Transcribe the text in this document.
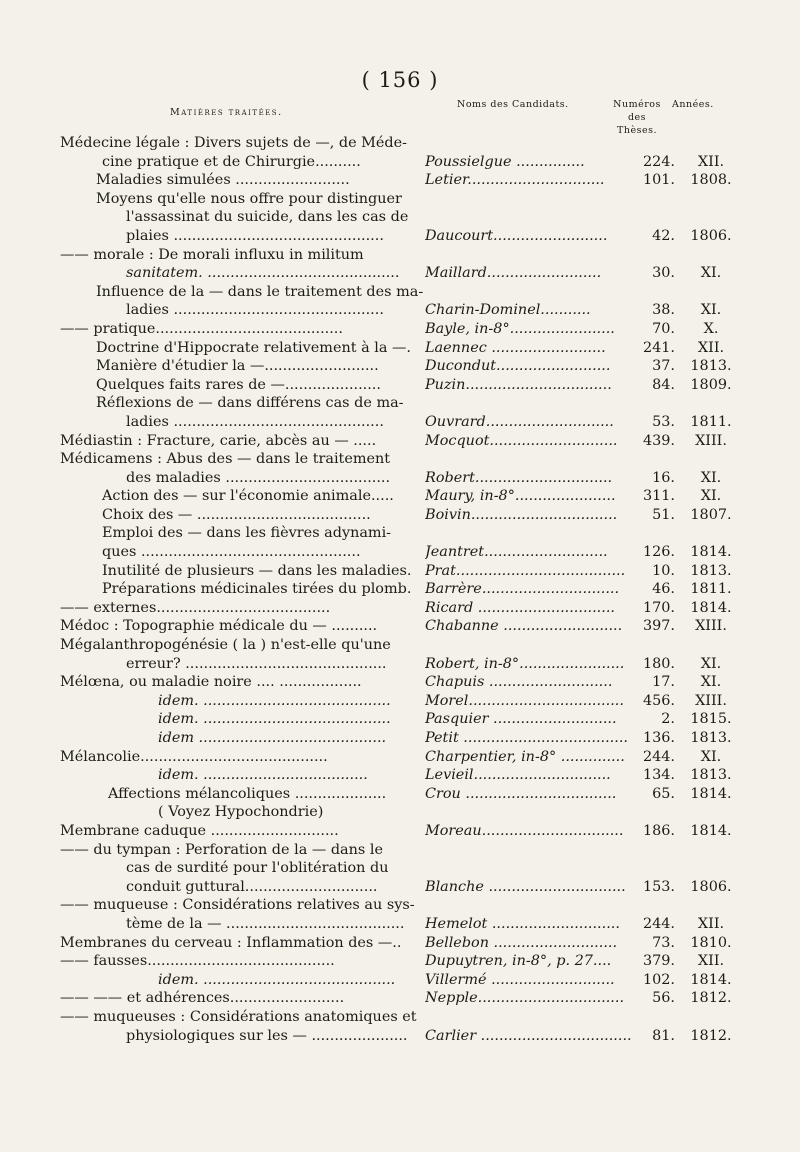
( 156 )
Matières traitées.
Noms des Candidats.	Numéros
des Thèses.
Années.
Médecine légale : Divers sujets de —, de Méde-
cine pratique et de Chirurgie..........
Maladies simulées .........................
Moyens qu'elle nous offre pour distinguer
l'assassinat du suicide, dans les cas de
plaies ..............................................
—— morale : De morali influxu in militum
sanitatem. ..........................................
Influence de la — dans le traitement des ma-
ladies ..............................................
—— pratique.........................................
Doctrine d'Hippocrate relativement à la —.
Manière d'étudier la —.........................
Quelques faits rares de —.....................
Réflexions de — dans différens cas de ma-
ladies ..............................................
Médiastin : Fracture, carie, abcès au — .....
Médicamens : Abus des — dans le traitement
des maladies ....................................
Action des — sur l'économie animale.....
Choix des — ......................................
Emploi des — dans les fièvres adynami-
ques ................................................
Inutilité de plusieurs — dans les maladies.
Préparations médicinales tirées du plomb.
—— externes......................................
Médoc : Topographie médicale du — ..........
Mégalanthropogénésie ( la ) n'est-elle qu'une
erreur? ............................................
Mélœna, ou maladie noire .... ..................
idem. .........................................
idem. .........................................
idem .........................................
Mélancolie.........................................
idem. ....................................
Affections mélancoliques ....................
( Voyez Hypochondrie)
Membrane caduque ............................
—— du tympan : Perforation de la — dans le
cas de surdité pour l'oblitération du
conduit guttural.............................
—— muqueuse : Considérations relatives au sys-
tème de la — .......................................
Membranes du cerveau : Inflammation des —..
—— fausses.........................................
idem. ..........................................
—— —— et adhérences.........................
—— muqueuses : Considérations anatomiques et
physiologiques sur les — .....................
Poussielgue ...............
Letier..............................
Daucourt.........................
Maillard.........................
Charin-Dominel...........
Bayle, in-8°.......................
Laennec .........................
Ducondut.........................
Puzin................................
Ouvrard............................
Mocquot............................
Robert..............................
Maury, in-8°......................
Boivin................................
Jeantret...........................
Prat.....................................
Barrère..............................
Ricard ..............................
Chabanne ..........................
Robert, in-8°.......................
Chapuis ...........................
Morel..................................
Pasquier ...........................
Petit ....................................
Charpentier, in-8° ..............
Levieil..............................
Crou .................................
Moreau...............................
Blanche ..............................
Hemelot ............................
Bellebon ...........................
Dupuytren, in-8°, p. 27....
Villermé ...........................
Nepple................................
Carlier .................................
224.
101.
42.
30.
38.
70.
241.
37.
84.
53.
439.
16.
311.
51.
126.
10.
46.
170.
397.
180.
17.
456.
2.
136.
244.
134.
65.
186.
153.
244.
73.
379.
102.
56.
81.
XII.
1808.
1806.
XI.
XI.
X.
XII.
1813.
1809.
1811.
XIII.
XI.
XI.
1807.
1814.
1813.
1811.
1814.
XIII.
XI.
XI.
XIII.
1815.
1813.
XI.
1813.
1814.
1814.
1806.
XII.
1810.
XII.
1814.
1812.
1812.
